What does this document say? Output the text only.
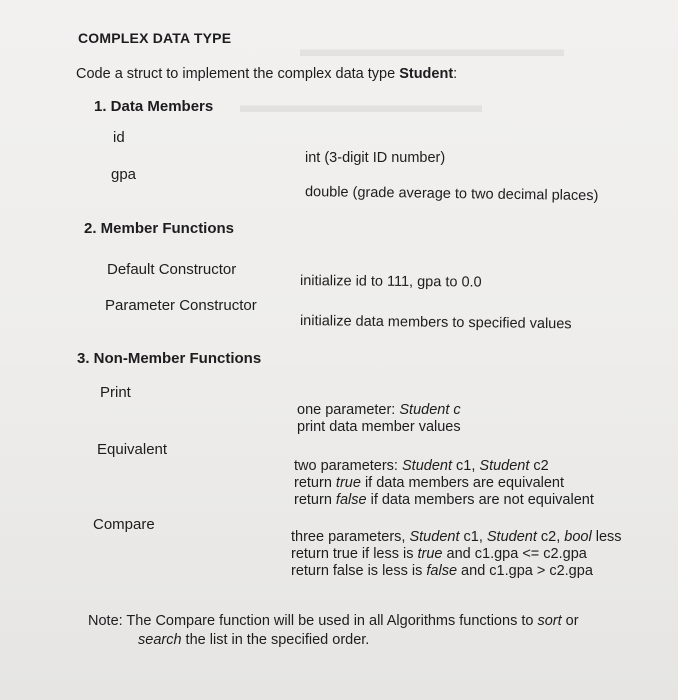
▬▬▬▬▬▬▬▬▬▬▬▬
▬▬▬▬▬▬▬▬▬▬▬
COMPLEX DATA TYPE
Code a struct to implement the complex data type Student:
1. Data Members
id
int (3-digit ID number)
gpa
double (grade average to two decimal places)
2. Member Functions
Default Constructor
initialize id to 111, gpa to 0.0
Parameter Constructor
initialize data members to specified values
3. Non-Member Functions
Print
one parameter: Student c
print data member values
Equivalent
two parameters: Student c1, Student c2
return true if data members are equivalent
return false if data members are not equivalent
Compare
three parameters, Student c1, Student c2, bool less
return true if less is true and c1.gpa <= c2.gpa
return false is less is false and c1.gpa > c2.gpa
Note: The Compare function will be used in all Algorithms functions to sort or
search the list in the specified order.
